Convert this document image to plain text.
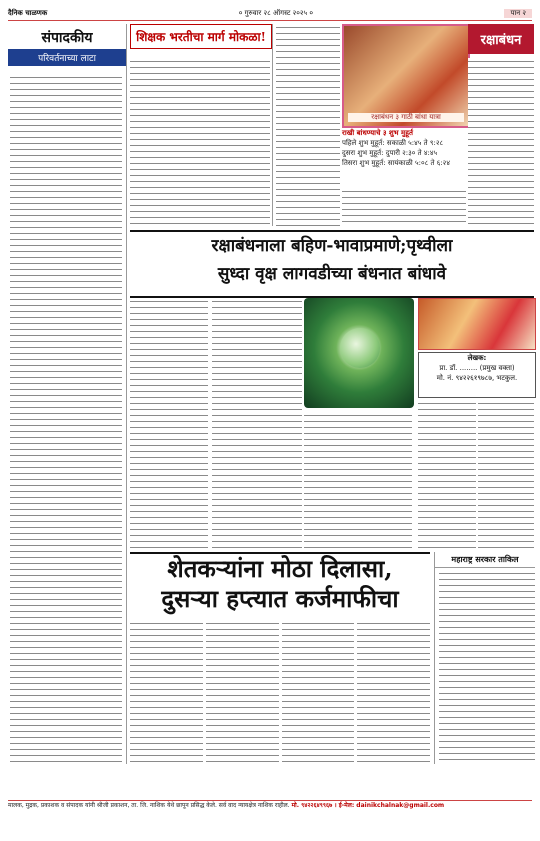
दैनिक चाळणक	० गुरुवार २८ ऑगस्ट २०२५ ०	पान २
संपादकीय
परिवर्तनाच्या लाटा
शिक्षक भरतीचा मार्ग मोकळा!
रक्षाबंधन ३ गाठी बांधा यात्रा
राखी बांधण्याचे ३ शुभ मुहूर्त
पहिले शुभ मुहूर्त: सकाळी ५:४५ ते ९:२८
दुसरा शुभ मुहूर्त: दुपारी २:३० ते ४:४५
तिसरा शुभ मुहूर्त: सायंकाळी ५:०८ ते ६:२४
रक्षाबंधन
रक्षाबंधनाला बहिण-भावाप्रमाणे;पृथ्वीला
सुध्दा वृक्ष लागवडीच्या बंधनात बांधावे
लेखक:
प्रा. डॉ. ........ (प्रमुख वक्ता)
मो. नं. ९४२२६१९७८७, भटकुल.
शेतकऱ्यांना मोठा दिलासा,
दुसऱ्या हप्त्यात कर्जमाफीचा
महाराष्ट्र सरकार ताकिल
मालक, मुद्रक, प्रकाशक व संपादक यांनी श्रीजी प्रकाशन, ता. जि. नाशिक येथे छापून प्रसिद्ध केले. सर्व वाद न्यायक्षेत्र नाशिक राहील. मो. ९४२२६४९९६७ । ई-मेल: dainikchalnak@gmail.com
